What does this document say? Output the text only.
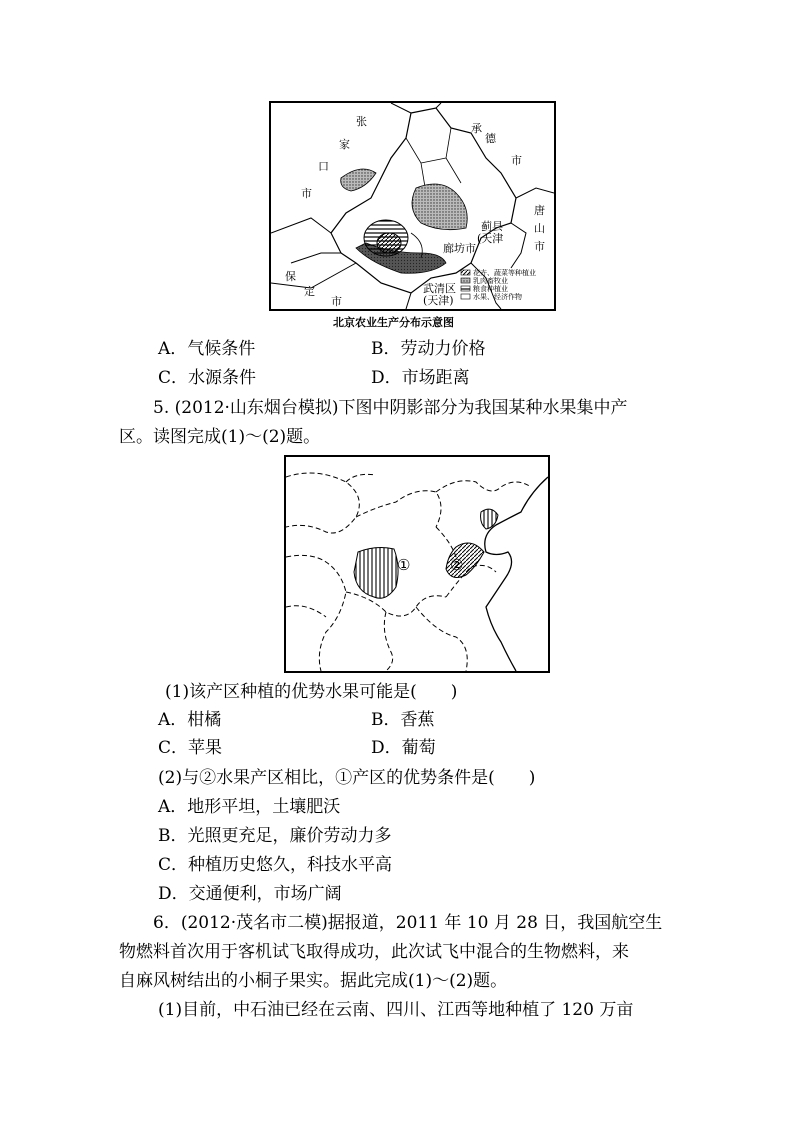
张
家
口
市
承
德
市
唐
山
市
蓟县
(天津
廊坊市
武清区
(天津)
保
定
市
花卉、蔬菜等种植业
乳肉畜牧业
粮食种植业
水果、经济作物
北京农业生产分布示意图
A．气候条件	B．劳动力价格
C．水源条件	D．市场距离
5. (2012·山东烟台模拟)下图中阴影部分为我国某种水果集中产
区。读图完成(1)～(2)题。
①	②
(1)该产区种植的优势水果可能是(　　)
A．柑橘	B．香蕉
C．苹果	D．葡萄
(2)与②水果产区相比，①产区的优势条件是(　　)
A．地形平坦，土壤肥沃
B．光照更充足，廉价劳动力多
C．种植历史悠久，科技水平高
D．交通便利，市场广阔
6．(2012·茂名市二模)据报道，2011 年 10 月 28 日，我国航空生
物燃料首次用于客机试飞取得成功，此次试飞中混合的生物燃料，来
自麻风树结出的小桐子果实。据此完成(1)～(2)题。
(1)目前，中石油已经在云南、四川、江西等地种植了 120 万亩
